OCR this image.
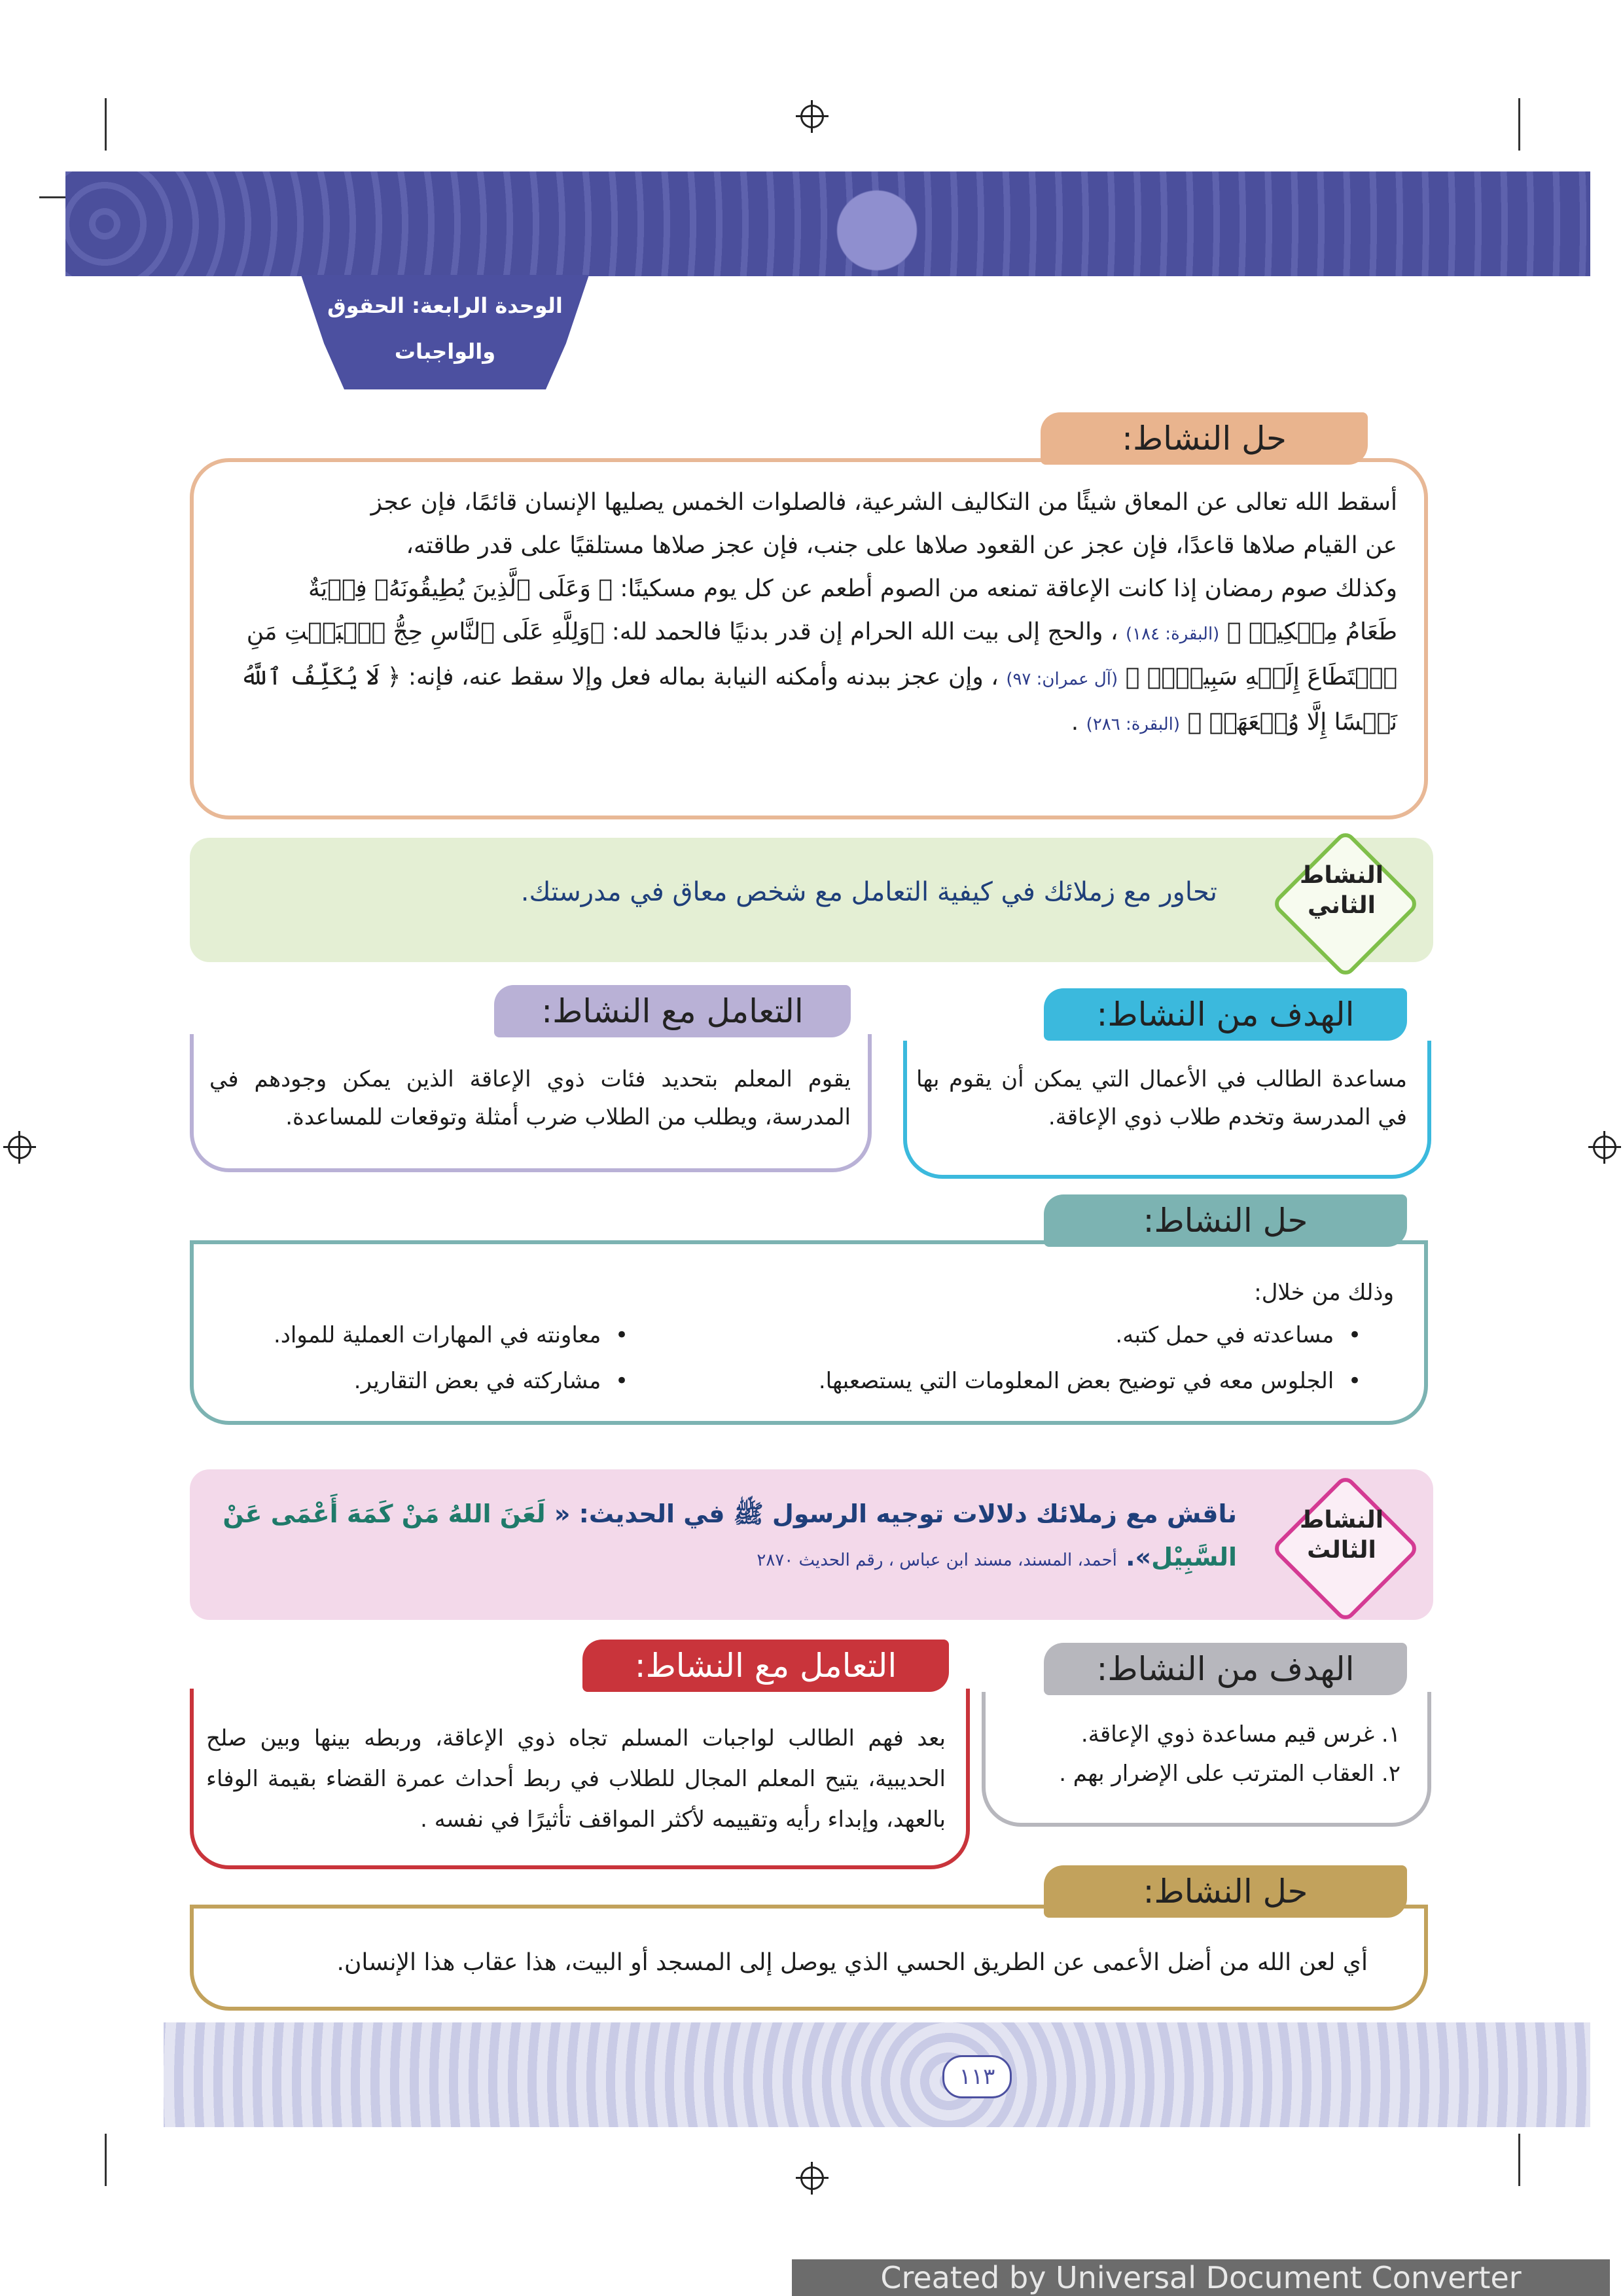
الوحدة الرابعة: الحقوق
والواجبات
حل النشاط:
أسقط الله تعالى عن المعاق شيئًا من التكاليف الشرعية، فالصلوات الخمس يصليها الإنسان قائمًا، فإن عجز
عن القيام صلاها قاعدًا، فإن عجز عن القعود صلاها على جنب، فإن عجز صلاها مستلقيًا على قدر طاقته،
وكذلك صوم رمضان إذا كانت الإعاقة تمنعه من الصوم أطعم عن كل يوم مسكينًا: ﴿ وَعَلَى ٱلَّذِينَ يُطِيقُونَهُۥ فِدۡيَةٌ
طَعَامُ مِسۡكِينٖ ﴾ (البقرة: ١٨٤) ، والحج إلى بيت الله الحرام إن قدر بدنيًا فالحمد لله: ﴿وَلِلَّهِ عَلَى ٱلنَّاسِ حِجُّ ٱلۡبَيۡتِ مَنِ
ٱسۡتَطَاعَ إِلَيۡهِ سَبِيلٗاۚ ﴾ (آل عمران: ٩٧) ، وإن عجز ببدنه وأمكنه النيابة بماله فعل وإلا سقط عنه، فإنه: ﴿ لَا يُكَلِّفُ ٱللَّهُ
نَفۡسًا إِلَّا وُسۡعَهَاۚ ﴾ (البقرة: ٢٨٦) .
النشاط
الثاني
تحاور مع زملائك في كيفية التعامل مع شخص معاق في مدرستك.
الهدف من النشاط:
مساعدة الطالب في الأعمال التي يمكن أن يقوم بها في المدرسة وتخدم طلاب ذوي الإعاقة.
التعامل مع النشاط:
يقوم المعلم بتحديد فئات ذوي الإعاقة الذين يمكن وجودهم في المدرسة، ويطلب من الطلاب ضرب أمثلة وتوقعات للمساعدة.
حل النشاط:
وذلك من خلال:
•  مساعدته في حمل كتبه.
•  معاونته في المهارات العملية للمواد.
•  الجلوس معه في توضيح بعض المعلومات التي يستصعبها.
•  مشاركته في بعض التقارير.
النشاط
الثالث
ناقش مع زملائك دلالات توجيه الرسول ﷺ في الحديث: « لَعَنَ اللهُ مَنْ كَمَهَ أَعْمَى عَنْ
السَّبِيْل». أحمد، المسند، مسند ابن عباس ، رقم الحديث ٢٨٧٠
الهدف من النشاط:
١. غرس قيم مساعدة ذوي الإعاقة.
٢. العقاب المترتب على الإضرار بهم .
التعامل مع النشاط:
بعد فهم الطالب لواجبات المسلم تجاه ذوي الإعاقة، وربطه بينها وبين صلح الحديبية، يتيح المعلم المجال للطلاب في ربط أحداث عمرة القضاء بقيمة الوفاء بالعهد، وإبداء رأيه وتقييمه لأكثر المواقف تأثيرًا في نفسه .
حل النشاط:
أي لعن الله من أضل الأعمى عن الطريق الحسي الذي يوصل إلى المسجد أو البيت، هذا عقاب هذا الإنسان.
١١٣
Created by Universal Document Converter
